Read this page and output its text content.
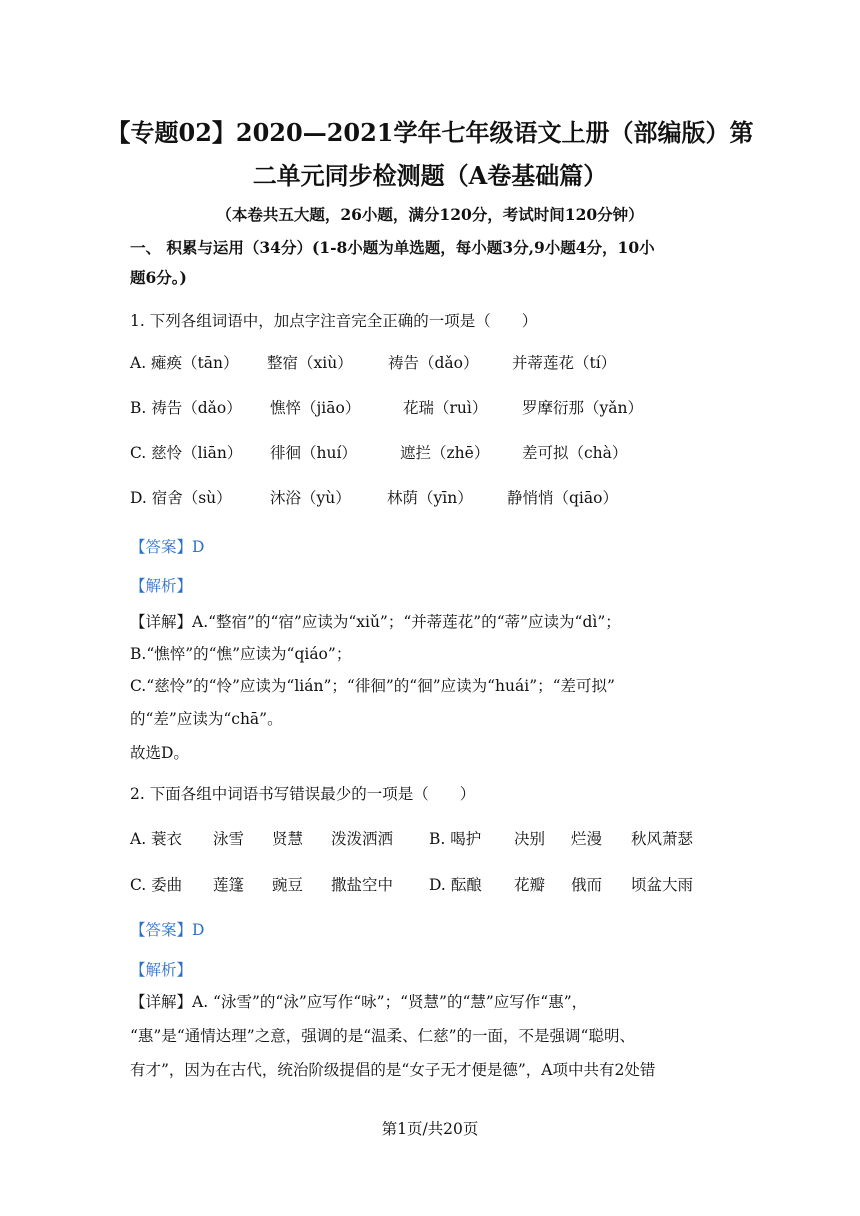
【专题02】2020—2021学年七年级语文上册（部编版）第
二单元同步检测题（A卷基础篇）
（本卷共五大题，26小题，满分120分，考试时间120分钟）
一、 积累与运用（34分）(1-8小题为单选题，每小题3分,9小题4分，10小
题6分。)
1. 下列各组词语中，加点字注音完全正确的一项是（　　）
A. 瘫痪（tān） 整宿（xiù） 祷告（dǎo） 并蒂莲花（tí）
B. 祷告（dǎo） 憔悴（jiāo）	花瑞（ruì） 罗摩衍那（yǎn）
C. 慈怜（liān） 徘徊（huí）	遮拦（zhē） 差可拟（chà）
D. 宿舍（sù） 沐浴（yù） 林荫（yīn） 静悄悄（qiāo）
【答案】D
【解析】
【详解】A.“整宿”的“宿”应读为“xiǔ”；“并蒂莲花”的“蒂”应读为“dì”；
B.“憔悴”的“憔”应读为“qiáo”；
C.“慈怜”的“怜”应读为“lián”；“徘徊”的“徊”应读为“huái”；“差可拟”
的“差”应读为“chā”。
故选D。
2. 下面各组中词语书写错误最少的一项是（　　）
A. 蓑衣 泳雪 贤慧 泼泼洒洒 B. 喝护 决别 烂漫 秋风萧瑟
C. 委曲 莲篷 豌豆 撒盐空中 D. 酝酿 花瓣 俄而 顷盆大雨
【答案】D
【解析】
【详解】A. “泳雪”的“泳”应写作“咏”；“贤慧”的“慧”应写作“惠”，
“惠”是“通情达理”之意，强调的是“温柔、仁慈”的一面，不是强调“聪明、
有才”，因为在古代，统治阶级提倡的是“女子无才便是德”，A项中共有2处错
第1页/共20页
